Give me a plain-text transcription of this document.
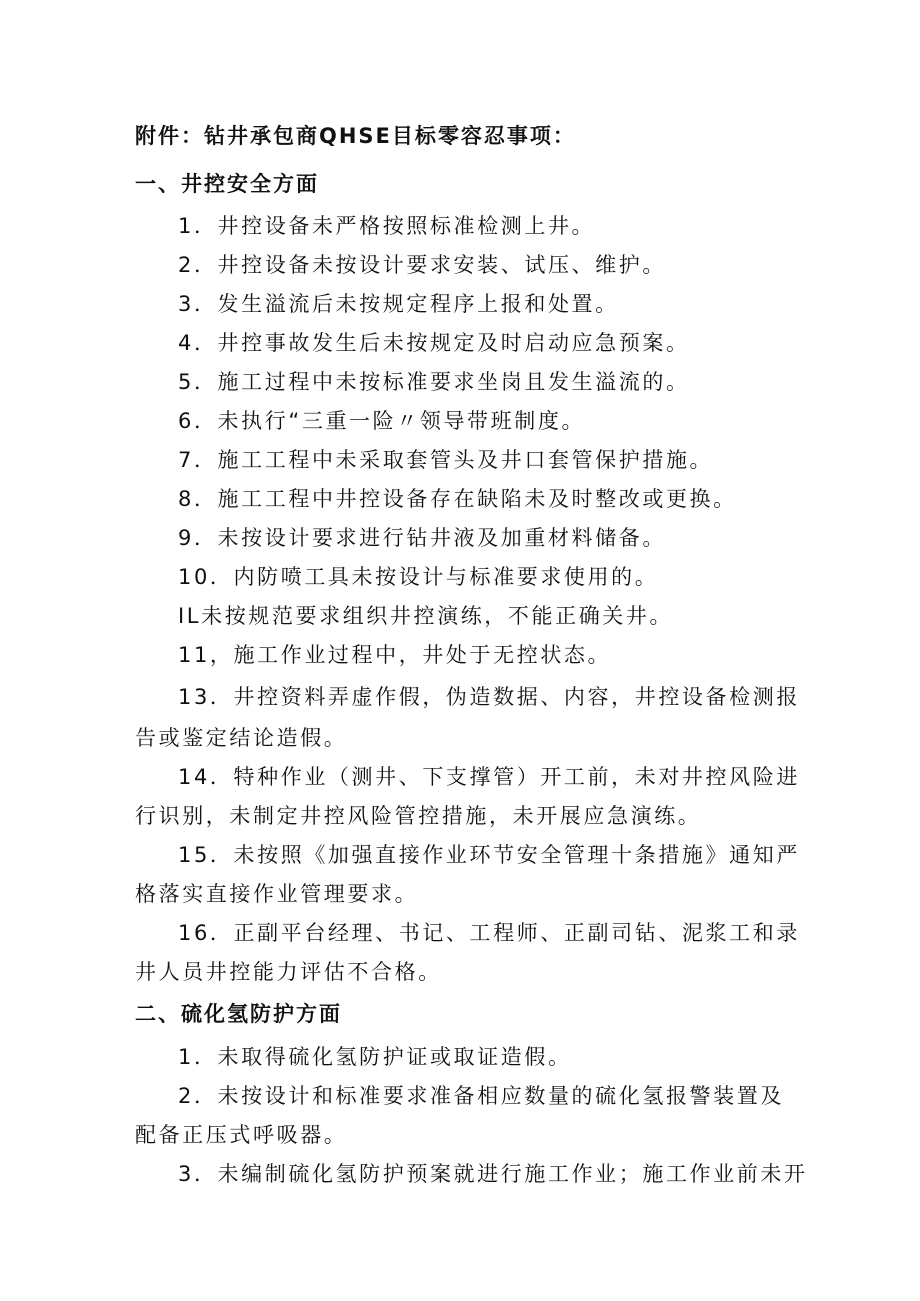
附件：钻井承包商QHSE目标零容忍事项：
一、井控安全方面
1．井控设备未严格按照标准检测上井。
2．井控设备未按设计要求安装、试压、维护。
3．发生溢流后未按规定程序上报和处置。
4．井控事故发生后未按规定及时启动应急预案。
5．施工过程中未按标准要求坐岗且发生溢流的。
6．未执行“三重一险〃领导带班制度。
7．施工工程中未采取套管头及井口套管保护措施。
8．施工工程中井控设备存在缺陷未及时整改或更换。
9．未按设计要求进行钻井液及加重材料储备。
10．内防喷工具未按设计与标准要求使用的。
IL未按规范要求组织井控演练，不能正确关井。
11，施工作业过程中，井处于无控状态。
13．井控资料弄虚作假，伪造数据、内容，井控设备检测报
告或鉴定结论造假。
14．特种作业（测井、下支撑管）开工前，未对井控风险进
行识别，未制定井控风险管控措施，未开展应急演练。
15．未按照《加强直接作业环节安全管理十条措施》通知严
格落实直接作业管理要求。
16．正副平台经理、书记、工程师、正副司钻、泥浆工和录
井人员井控能力评估不合格。
二、硫化氢防护方面
1．未取得硫化氢防护证或取证造假。
2．未按设计和标准要求准备相应数量的硫化氢报警装置及
配备正压式呼吸器。
3．未编制硫化氢防护预案就进行施工作业；施工作业前未开
